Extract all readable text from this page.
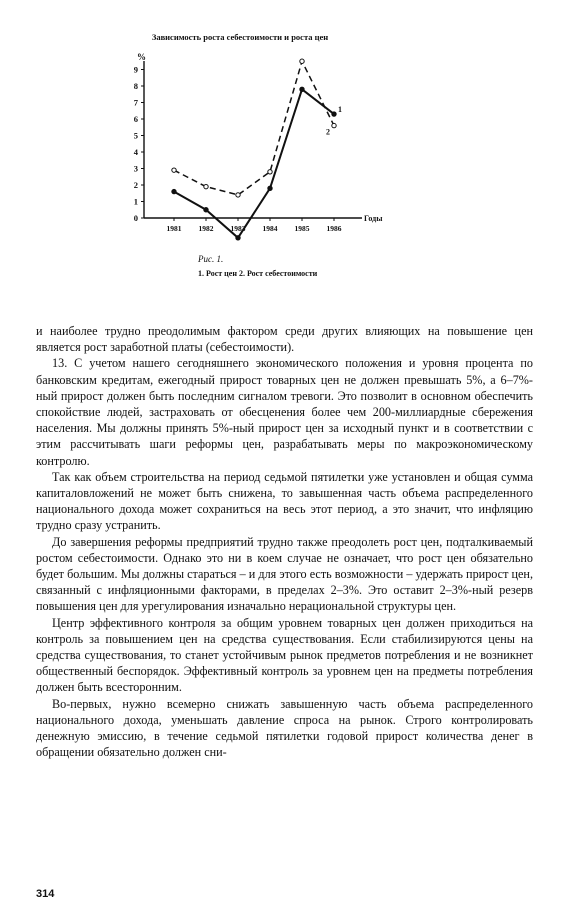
Зависимость роста себестоимости и роста цен
%
Годы
0
1
2
3
4
5
6
7
8
9
1981 1982 1983 1984 1985 1986
1
2
Рис. 1.
1. Рост цен 2. Рост себестоимости

и наиболее трудно преодолимым фактором среди других влияющих на повышение цен является рост заработной платы (себестоимости).

13. С учетом нашего сегодняшнего экономического положения и уровня процента по банковским кредитам, ежегодный прирост товарных цен не должен превышать 5%, а 6–7%-ный прирост должен быть последним сигналом тревоги. Это позволит в основном обеспечить спокойствие людей, застраховать от обесценения более чем 200-миллиардные сбережения населения. Мы должны принять 5%-ный прирост цен за исходный пункт и в соответствии с этим рассчитывать шаги реформы цен, разрабатывать меры по макроэкономическому контролю.

Так как объем строительства на период седьмой пятилетки уже установлен и общая сумма капиталовложений не может быть снижена, то завышенная часть объема распределенного национального дохода может сохраниться на весь этот период, а это значит, что инфляцию трудно сразу устранить.

До завершения реформы предприятий трудно также преодолеть рост цен, подталкиваемый ростом себестоимости. Однако это ни в коем случае не означает, что рост цен обязательно будет большим. Мы должны стараться – и для этого есть возможности – удержать прирост цен, связанный с инфляционными факторами, в пределах 2–3%. Это оставит 2–3%-ный резерв повышения цен для урегулирования изначально нерациональной структуры цен.

Центр эффективного контроля за общим уровнем товарных цен должен приходиться на контроль за повышением цен на средства существования. Если стабилизируются цены на средства существования, то станет устойчивым рынок предметов потребления и не возникнет общественный беспорядок. Эффективный контроль за уровнем цен на предметы потребления должен быть всесторонним.

Во-первых, нужно всемерно снижать завышенную часть объема распределенного национального дохода, уменьшать давление спроса на рынок. Строго контролировать денежную эмиссию, в течение седьмой пятилетки годовой прирост количества денег в обращении обязательно должен сни-

314
